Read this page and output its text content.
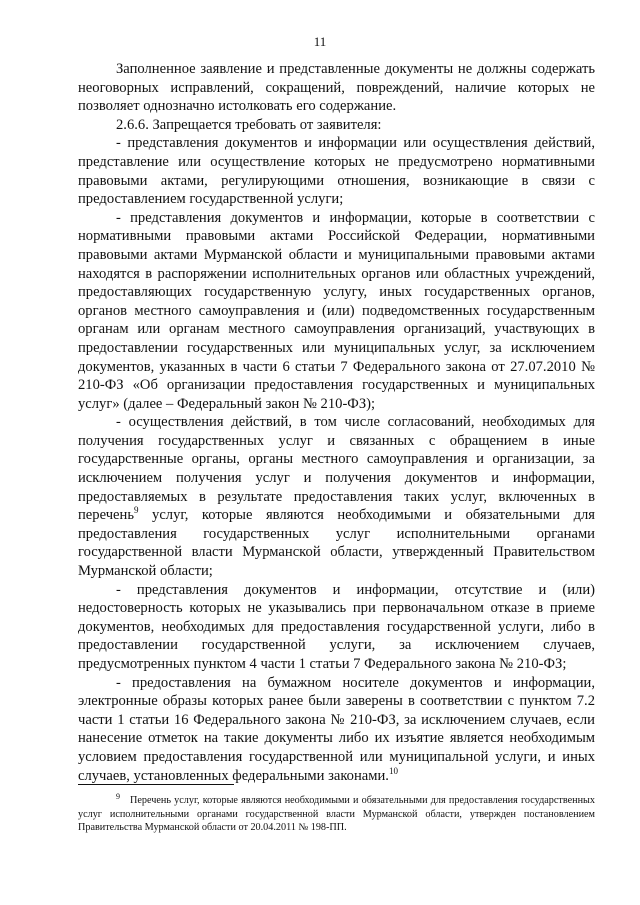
11

Заполненное заявление и представленные документы не должны содержать неоговорных исправлений, сокращений, повреждений, наличие которых не позволяет однозначно истолковать его содержание.

2.6.6. Запрещается требовать от заявителя:

- представления документов и информации или осуществления действий, представление или осуществление которых не предусмотрено нормативными правовыми актами, регулирующими отношения, возникающие в связи с предоставлением государственной услуги;

- представления документов и информации, которые в соответствии с нормативными правовыми актами Российской Федерации, нормативными правовыми актами Мурманской области и муниципальными правовыми актами находятся в распоряжении исполнительных органов или областных учреждений, предоставляющих государственную услугу, иных государственных органов, органов местного самоуправления и (или) подведомственных государственным органам или органам местного самоуправления организаций, участвующих в предоставлении государственных или муниципальных услуг, за исключением документов, указанных в части 6 статьи 7 Федерального закона от 27.07.2010 № 210-ФЗ «Об организации предоставления государственных и муниципальных услуг» (далее – Федеральный закон № 210-ФЗ);

- осуществления действий, в том числе согласований, необходимых для получения государственных услуг и связанных с обращением в иные государственные органы, органы местного самоуправления и организации, за исключением получения услуг и получения документов и информации, предоставляемых в результате предоставления таких услуг, включенных в перечень$^9$ услуг, которые являются необходимыми и обязательными для предоставления государственных услуг исполнительными органами государственной власти Мурманской области, утвержденный Правительством Мурманской области;

- представления документов и информации, отсутствие и (или) недостоверность которых не указывались при первоначальном отказе в приеме документов, необходимых для предоставления государственной услуги, либо в предоставлении государственной услуги, за исключением случаев, предусмотренных пунктом 4 части 1 статьи 7 Федерального закона № 210-ФЗ;

- предоставления на бумажном носителе документов и информации, электронные образы которых ранее были заверены в соответствии с пунктом 7.2 части 1 статьи 16 Федерального закона № 210-ФЗ, за исключением случаев, если нанесение отметок на такие документы либо их изъятие является необходимым условием предоставления государственной или муниципальной услуги, и иных случаев, установленных федеральными законами.$^{10}$

$^9$ Перечень услуг, которые являются необходимыми и обязательными для предоставления государственных услуг исполнительными органами государственной власти Мурманской области, утвержден постановлением Правительства Мурманской области от 20.04.2011 № 198-ПП.
